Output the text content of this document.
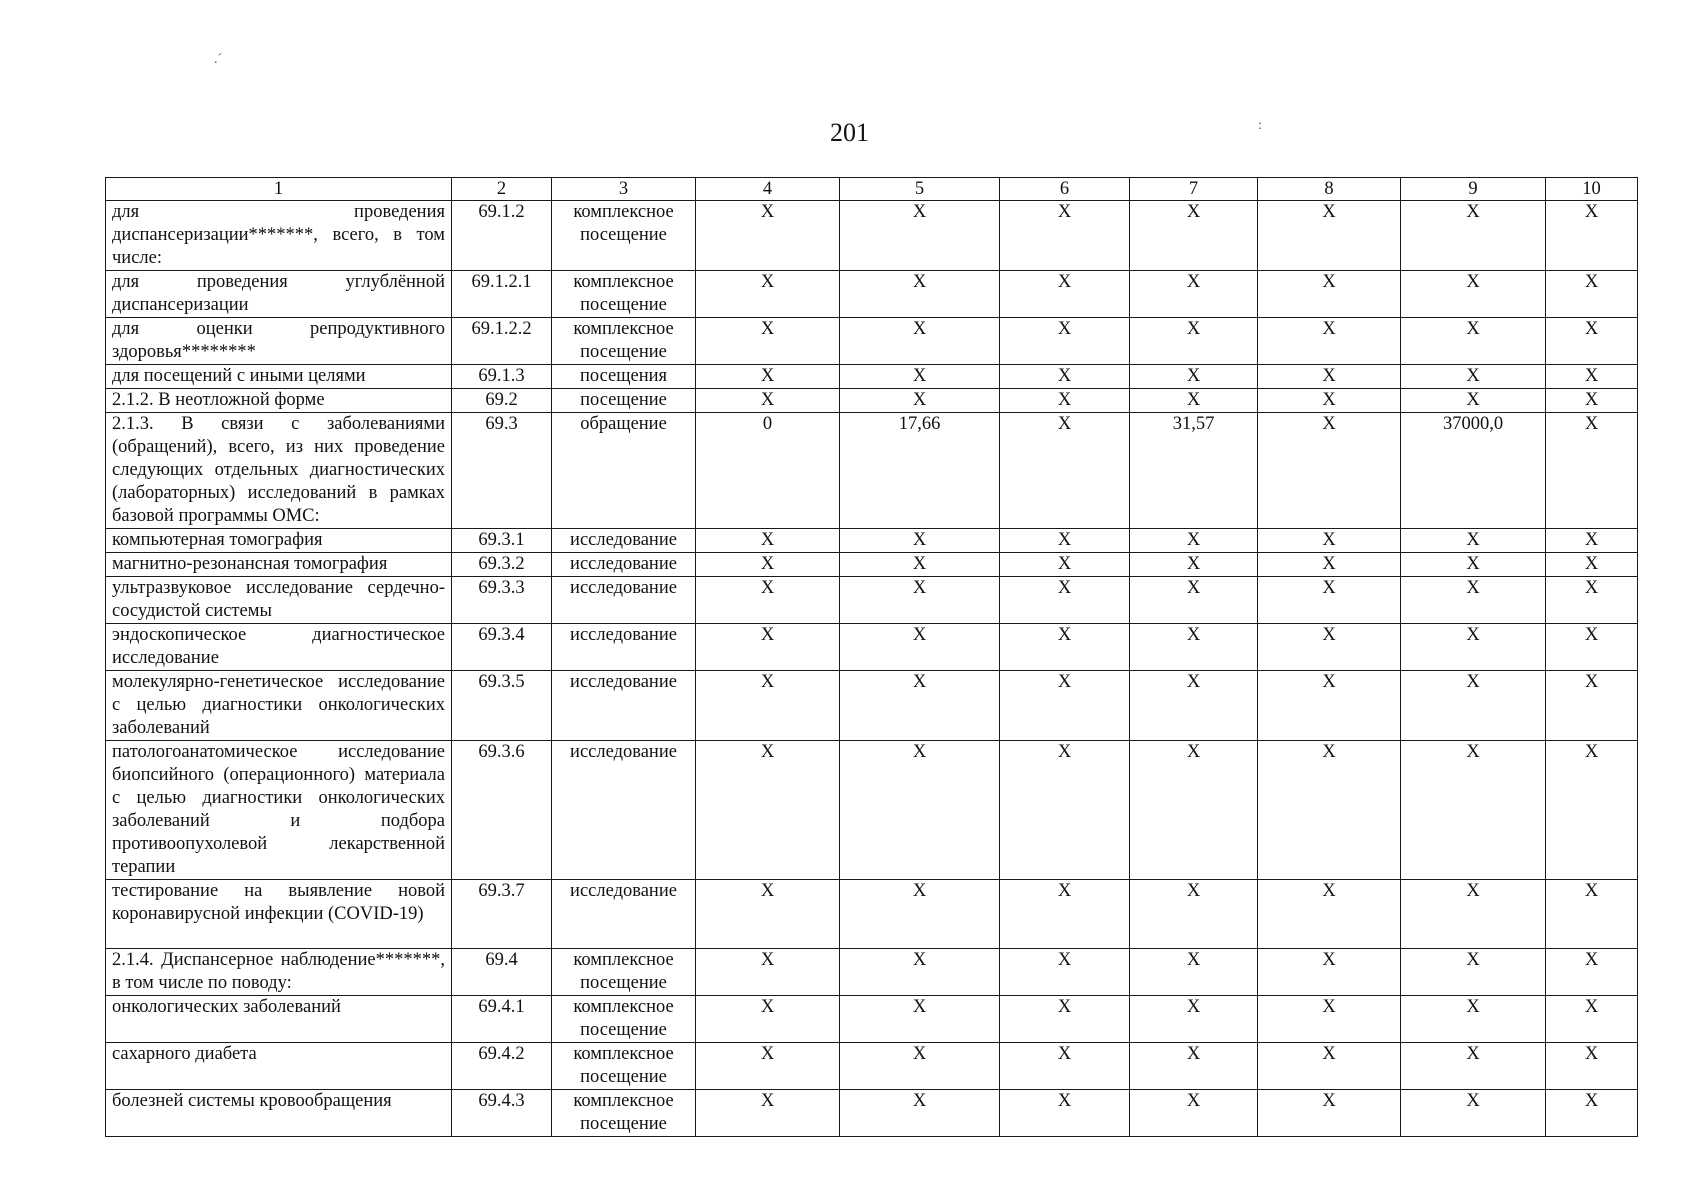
201
.´
:
1	2	3	4	5	6	7	8	9	10
для проведения диспансеризации*******, всего, в том числе:	69.1.2	комплексное посещение	X	X	X	X	X	X	X
для проведения углублённой диспансеризации	69.1.2.1	комплексное посещение	X	X	X	X	X	X	X
для оценки репродуктивного здоровья********	69.1.2.2	комплексное посещение	X	X	X	X	X	X	X
для посещений с иными целями	69.1.3	посещения	X	X	X	X	X	X	X
2.1.2. В неотложной форме	69.2	посещение	X	X	X	X	X	X	X
2.1.3. В связи с заболеваниями (обращений), всего, из них проведение следующих отдельных диагностических (лабораторных) исследований в рамках базовой программы ОМС:	69.3	обращение	0	17,66	X	31,57	X	37000,0	X
компьютерная томография	69.3.1	исследование	X	X	X	X	X	X	X
магнитно-резонансная томография	69.3.2	исследование	X	X	X	X	X	X	X
ультразвуковое исследование сердечно-сосудистой системы	69.3.3	исследование	X	X	X	X	X	X	X
эндоскопическое диагностическое исследование	69.3.4	исследование	X	X	X	X	X	X	X
молекулярно-генетическое исследование с целью диагностики онкологических заболеваний	69.3.5	исследование	X	X	X	X	X	X	X
патологоанатомическое исследование биопсийного (операционного) материала с целью диагностики онкологических заболеваний и подбора противоопухолевой лекарственной терапии	69.3.6	исследование	X	X	X	X	X	X	X
тестирование на выявление новой коронавирусной инфекции (COVID-19)	69.3.7	исследование	X	X	X	X	X	X	X
2.1.4. Диспансерное наблюдение*******, в том числе по поводу:	69.4	комплексное посещение	X	X	X	X	X	X	X
онкологических заболеваний	69.4.1	комплексное посещение	X	X	X	X	X	X	X
сахарного диабета	69.4.2	комплексное посещение	X	X	X	X	X	X	X
болезней системы кровообращения	69.4.3	комплексное посещение	X	X	X	X	X	X	X
